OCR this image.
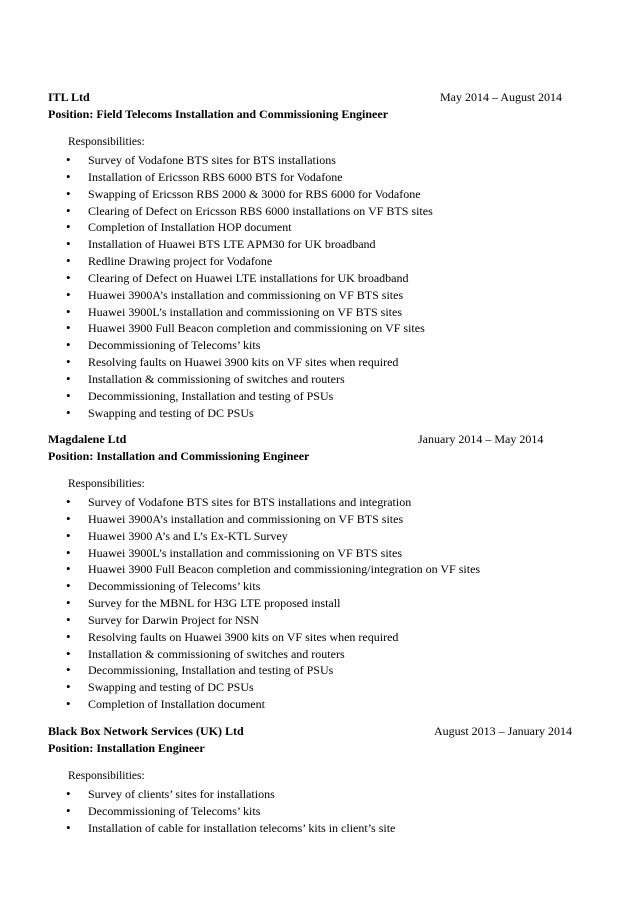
ITL Ltd	May 2014 – August 2014
Position: Field Telecoms Installation and Commissioning Engineer
Responsibilities:
• Survey of Vodafone BTS sites for BTS installations
• Installation of Ericsson RBS 6000 BTS for Vodafone
• Swapping of Ericsson RBS 2000 & 3000 for RBS 6000 for Vodafone
• Clearing of Defect on Ericsson RBS 6000 installations on VF BTS sites
• Completion of Installation HOP document
• Installation of Huawei BTS LTE APM30 for UK broadband
• Redline Drawing project for Vodafone
• Clearing of Defect on Huawei LTE installations for UK broadband
• Huawei 3900A’s installation and commissioning on VF BTS sites
• Huawei 3900L’s installation and commissioning on VF BTS sites
• Huawei 3900 Full Beacon completion and commissioning on VF sites
• Decommissioning of Telecoms’ kits
• Resolving faults on Huawei 3900 kits on VF sites when required
• Installation & commissioning of switches and routers
• Decommissioning, Installation and testing of PSUs
• Swapping and testing of DC PSUs
Magdalene Ltd	January 2014 – May 2014
Position: Installation and Commissioning Engineer
Responsibilities:
• Survey of Vodafone BTS sites for BTS installations and integration
• Huawei 3900A’s installation and commissioning on VF BTS sites
• Huawei 3900 A’s and L’s Ex-KTL Survey
• Huawei 3900L’s installation and commissioning on VF BTS sites
• Huawei 3900 Full Beacon completion and commissioning/integration on VF sites
• Decommissioning of Telecoms’ kits
• Survey for the MBNL for H3G LTE proposed install
• Survey for Darwin Project for NSN
• Resolving faults on Huawei 3900 kits on VF sites when required
• Installation & commissioning of switches and routers
• Decommissioning, Installation and testing of PSUs
• Swapping and testing of DC PSUs
• Completion of Installation document
Black Box Network Services (UK) Ltd	August 2013 – January 2014
Position: Installation Engineer
Responsibilities:
• Survey of clients’ sites for installations
• Decommissioning of Telecoms’ kits
• Installation of cable for installation telecoms’ kits in client’s site
